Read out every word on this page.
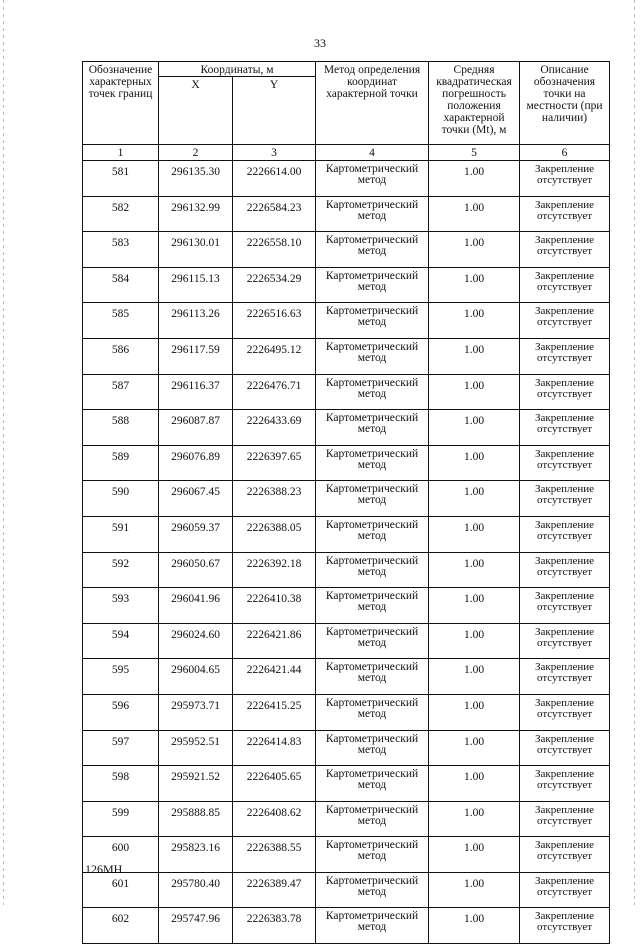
33
Обозначение характерных точек границ	Координаты, м		Метод определения координат характерной точки	Средняя квадратическая погрешность положения характерной точки (Mt), м	Описание обозначения точки на местности (при наличии)
	X	Y			
1	2	3	4	5	6
581	296135.30	2226614.00	Картометрический метод	1.00	Закрепление отсутствует
582	296132.99	2226584.23	Картометрический метод	1.00	Закрепление отсутствует
583	296130.01	2226558.10	Картометрический метод	1.00	Закрепление отсутствует
584	296115.13	2226534.29	Картометрический метод	1.00	Закрепление отсутствует
585	296113.26	2226516.63	Картометрический метод	1.00	Закрепление отсутствует
586	296117.59	2226495.12	Картометрический метод	1.00	Закрепление отсутствует
587	296116.37	2226476.71	Картометрический метод	1.00	Закрепление отсутствует
588	296087.87	2226433.69	Картометрический метод	1.00	Закрепление отсутствует
589	296076.89	2226397.65	Картометрический метод	1.00	Закрепление отсутствует
590	296067.45	2226388.23	Картометрический метод	1.00	Закрепление отсутствует
591	296059.37	2226388.05	Картометрический метод	1.00	Закрепление отсутствует
592	296050.67	2226392.18	Картометрический метод	1.00	Закрепление отсутствует
593	296041.96	2226410.38	Картометрический метод	1.00	Закрепление отсутствует
594	296024.60	2226421.86	Картометрический метод	1.00	Закрепление отсутствует
595	296004.65	2226421.44	Картометрический метод	1.00	Закрепление отсутствует
596	295973.71	2226415.25	Картометрический метод	1.00	Закрепление отсутствует
597	295952.51	2226414.83	Картометрический метод	1.00	Закрепление отсутствует
598	295921.52	2226405.65	Картометрический метод	1.00	Закрепление отсутствует
599	295888.85	2226408.62	Картометрический метод	1.00	Закрепление отсутствует
600	295823.16	2226388.55	Картометрический метод	1.00	Закрепление отсутствует
601	295780.40	2226389.47	Картометрический метод	1.00	Закрепление отсутствует
602	295747.96	2226383.78	Картометрический метод	1.00	Закрепление отсутствует
126МН
